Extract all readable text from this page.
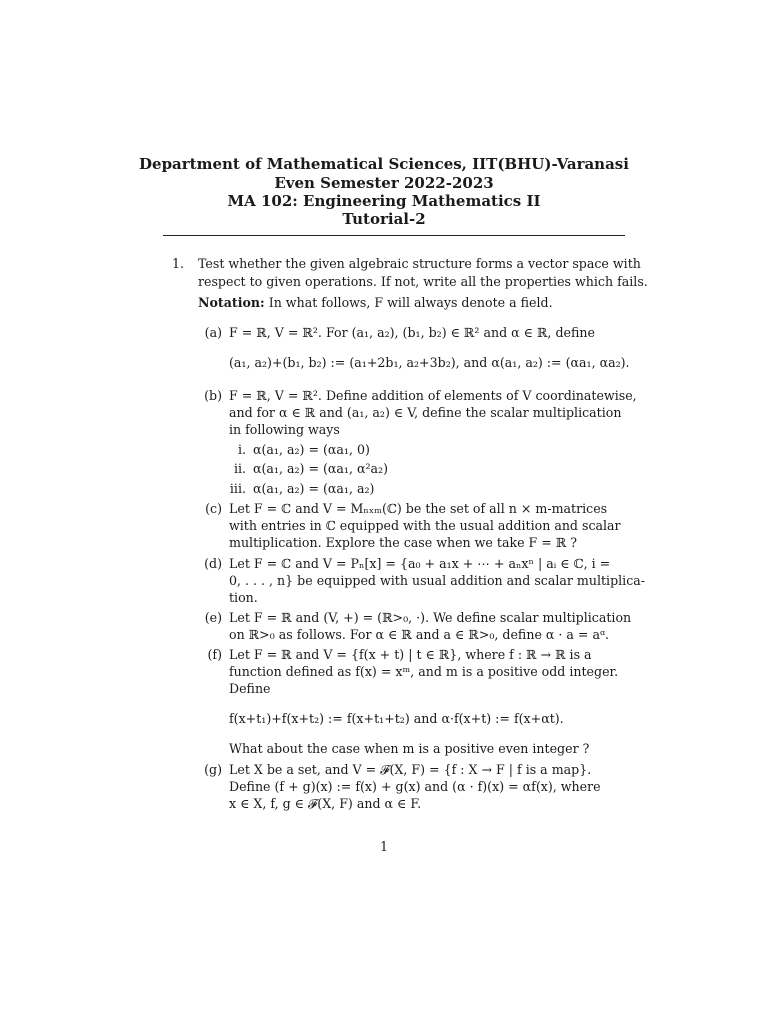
Department of Mathematical Sciences, IIT(BHU)-Varanasi
Even Semester 2022-2023
MA 102: Engineering Mathematics II
Tutorial-2
1.	Test whether the given algebraic structure forms a vector space with
respect to given operations. If not, write all the properties which fails.
Notation: In what follows, F will always denote a field.
(a) F = ℝ, V = ℝ². For (a₁, a₂), (b₁, b₂) ∈ ℝ² and α ∈ ℝ, define
(a₁, a₂)+(b₁, b₂) := (a₁+2b₁, a₂+3b₂), and α(a₁, a₂) := (αa₁, αa₂).
(b) F = ℝ, V = ℝ². Define addition of elements of V coordinatewise,
and for α ∈ ℝ and (a₁, a₂) ∈ V, define the scalar multiplication
in following ways
i. α(a₁, a₂) = (αa₁, 0)
ii. α(a₁, a₂) = (αa₁, α²a₂)
iii. α(a₁, a₂) = (αa₁, a₂)
(c) Let F = ℂ and V = Mₙₓₘ(ℂ) be the set of all n × m-matrices
with entries in ℂ equipped with the usual addition and scalar
multiplication. Explore the case when we take F = ℝ ?
(d) Let F = ℂ and V = Pₙ[x] = {a₀ + a₁x + ⋯ + aₙxⁿ | aᵢ ∈ ℂ, i =
0, . . . , n} be equipped with usual addition and scalar multiplica-
tion.
(e) Let F = ℝ and (V, +) = (ℝ>₀, ·). We define scalar multiplication
on ℝ>₀ as follows. For α ∈ ℝ and a ∈ ℝ>₀, define α · a = aᵅ.
(f) Let F = ℝ and V = {f(x + t) | t ∈ ℝ}, where f : ℝ → ℝ is a
function defined as f(x) = xᵐ, and m is a positive odd integer.
Define
f(x+t₁)+f(x+t₂) := f(x+t₁+t₂) and α·f(x+t) := f(x+αt).
What about the case when m is a positive even integer ?
(g) Let X be a set, and V = 𝓕(X, F) = {f : X → F | f is a map}.
Define (f + g)(x) := f(x) + g(x) and (α · f)(x) = αf(x), where
x ∈ X, f, g ∈ 𝓕(X, F) and α ∈ F.
1
